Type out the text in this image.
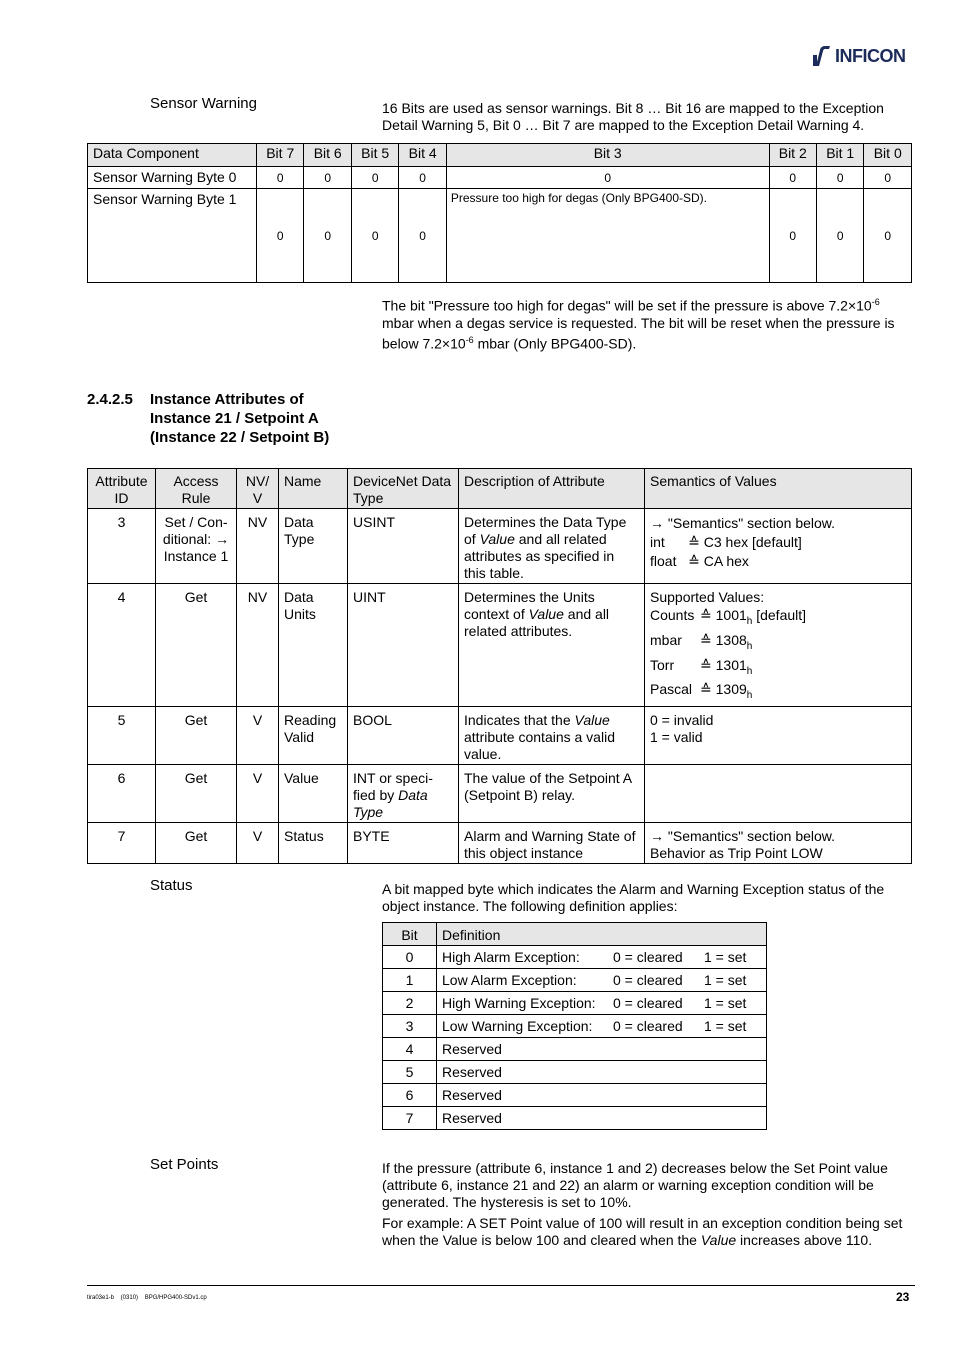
INFICON
Sensor Warning	16 Bits are used as sensor warnings. Bit 8 … Bit 16 are mapped to the Exception Detail Warning 5, Bit 0 … Bit 7 are mapped to the Exception Detail Warning 4.
Data Component	Bit 7	Bit 6	Bit 5	Bit 4	Bit 3	Bit 2	Bit 1	Bit 0
Sensor Warning Byte 0	0	0	0	0	0	0	0	0
Sensor Warning Byte 1	0	0	0	0	Pressure too high for degas (Only BPG400-SD).	0	0	0
The bit "Pressure too high for degas" will be set if the pressure is above $7.2\times 10^{-6}$ mbar when a degas service is requested. The bit will be reset when the pressure is below $7.2\times 10^{-6}$ mbar (Only BPG400-SD).
2.4.2.5 Instance Attributes of
Instance 21 / Setpoint A
(Instance 22 / Setpoint B)
Attribute ID	Access Rule	NV/ V	Name	DeviceNet Data Type	Description of Attribute	Semantics of Values
3	Set / Con-ditional: → Instance 1	NV	Data Type	USINT	Determines the Data Type of Value and all related attributes as specified in this table.	→ "Semantics" section below.
int      ≙ C3 hex [default]
float   ≙ CA hex

4	Get	NV	Data Units	UINT	Determines the Units context of Value and all related attributes.	Supported Values:
Counts ≙ $1001_h$ [default]
mbar ≙ $1308_h$
Torr ≙ $1301_h$
Pascal ≙ $1309_h$

5	Get	V	Reading Valid	BOOL	Indicates that the Value attribute contains a valid value.	0 = invalid
1 = valid

6	Get	V	Value	INT or speci-fied by Data Type	The value of the Setpoint A (Setpoint B) relay.	
7	Get	V	Status	BYTE	Alarm and Warning State of this object instance	→ "Semantics" section below.
Behavior as Trip Point LOW
Status	A bit mapped byte which indicates the Alarm and Warning Exception status of the object instance. The following definition applies:
Bit	Definition
0	High Alarm Exception: 0 = cleared 1 = set

1	Low Alarm Exception: 0 = cleared 1 = set

2	High Warning Exception: 0 = cleared 1 = set

3	Low Warning Exception: 0 = cleared 1 = set

4	Reserved
5	Reserved
6	Reserved
7	Reserved
Set Points	If the pressure (attribute 6, instance 1 and 2) decreases below the Set Point value (attribute 6, instance 21 and 22) an alarm or warning exception condition will be generated. The hysteresis is set to 10%.
For example: A SET Point value of 100 will result in an exception condition being set when the Value is below 100 and cleared when the Value increases above 110.
tira03e1-b    (0310)    BPG/HPG400-SDv1.cp	23
